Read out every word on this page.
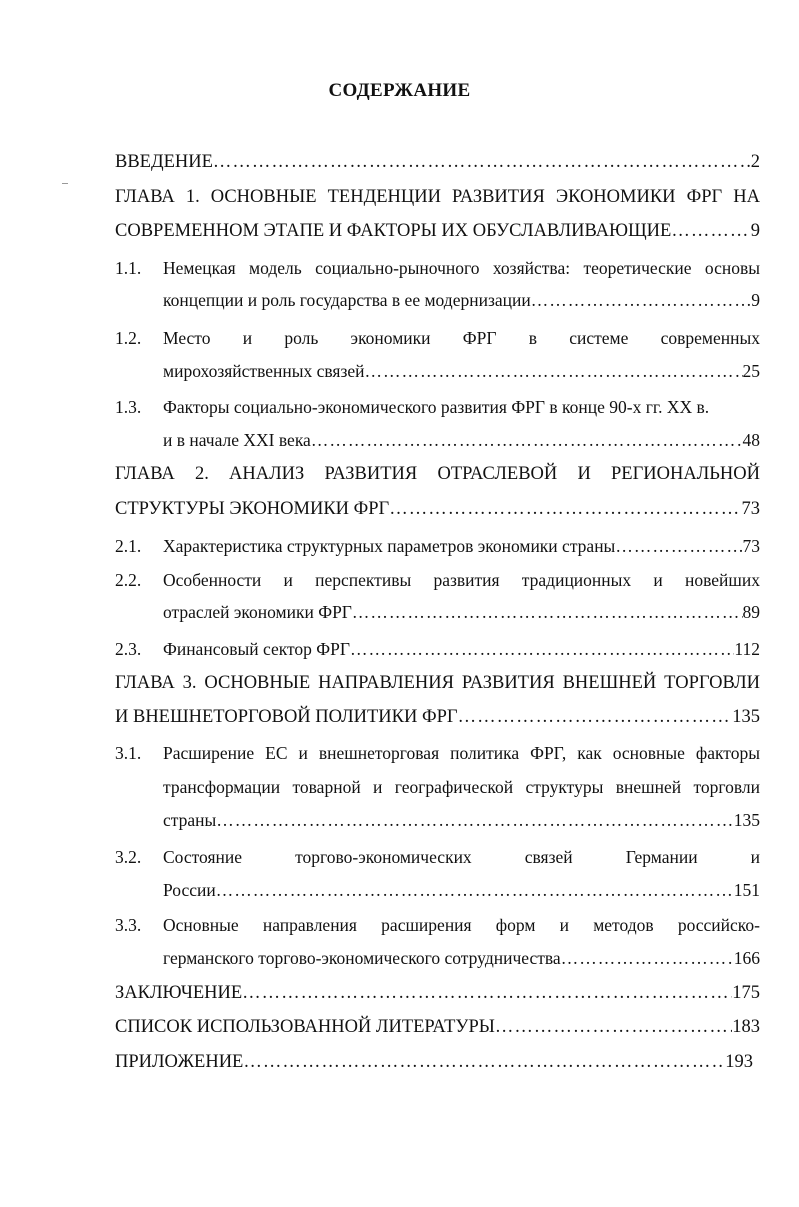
СОДЕРЖАНИЕ
ВВЕДЕНИЕ ………………………………………………………………………………………………………………………………………………………………………………………………	2
ГЛАВА 1. ОСНОВНЫЕ ТЕНДЕНЦИИ РАЗВИТИЯ ЭКОНОМИКИ ФРГ НА
СОВРЕМЕННОМ ЭТАПЕ И ФАКТОРЫ ИХ ОБУСЛАВЛИВАЮЩИЕ ………………………………………………………………………………………………………………………………………………………………………………………………	9
1.1. Немецкая модель социально-рыночного хозяйства: теоретические основы
концепции и роль государства в ее модернизации ………………………………………………………………………………………………………………………………………………………………………………………………	9
1.2. Место и роль экономики ФРГ в системе современных
мирохозяйственных связей ………………………………………………………………………………………………………………………………………………………………………………………………	25
1.3. Факторы социально-экономического развития ФРГ в конце 90-х гг. XX в.
и в начале XXI века ………………………………………………………………………………………………………………………………………………………………………………………………	48
ГЛАВА 2. АНАЛИЗ РАЗВИТИЯ ОТРАСЛЕВОЙ И РЕГИОНАЛЬНОЙ
СТРУКТУРЫ ЭКОНОМИКИ ФРГ ………………………………………………………………………………………………………………………………………………………………………………………………	73
2.1. Характеристика структурных параметров экономики страны ………………………………………………………………………………………………………………………………………………………………………………………………	73
2.2. Особенности и перспективы развития традиционных и новейших
отраслей экономики ФРГ ………………………………………………………………………………………………………………………………………………………………………………………………	89
2.3. Финансовый сектор ФРГ ………………………………………………………………………………………………………………………………………………………………………………………………	112
ГЛАВА 3. ОСНОВНЫЕ НАПРАВЛЕНИЯ РАЗВИТИЯ ВНЕШНЕЙ ТОРГОВЛИ
И ВНЕШНЕТОРГОВОЙ ПОЛИТИКИ ФРГ ………………………………………………………………………………………………………………………………………………………………………………………………	135
3.1. Расширение ЕС и внешнеторговая политика ФРГ, как основные факторы
трансформации товарной и географической структуры внешней торговли
страны ………………………………………………………………………………………………………………………………………………………………………………………………	135
3.2. Состояние торгово-экономических связей Германии и
России ………………………………………………………………………………………………………………………………………………………………………………………………	151
3.3. Основные направления расширения форм и методов российско-
германского торгово-экономического сотрудничества ………………………………………………………………………………………………………………………………………………………………………………………………	166
ЗАКЛЮЧЕНИЕ ………………………………………………………………………………………………………………………………………………………………………………………………	175
СПИСОК ИСПОЛЬЗОВАННОЙ ЛИТЕРАТУРЫ ………………………………………………………………………………………………………………………………………………………………………………………………	183
ПРИЛОЖЕНИЕ ………………………………………………………………………………………………………………………………………………………………………………………………	193
